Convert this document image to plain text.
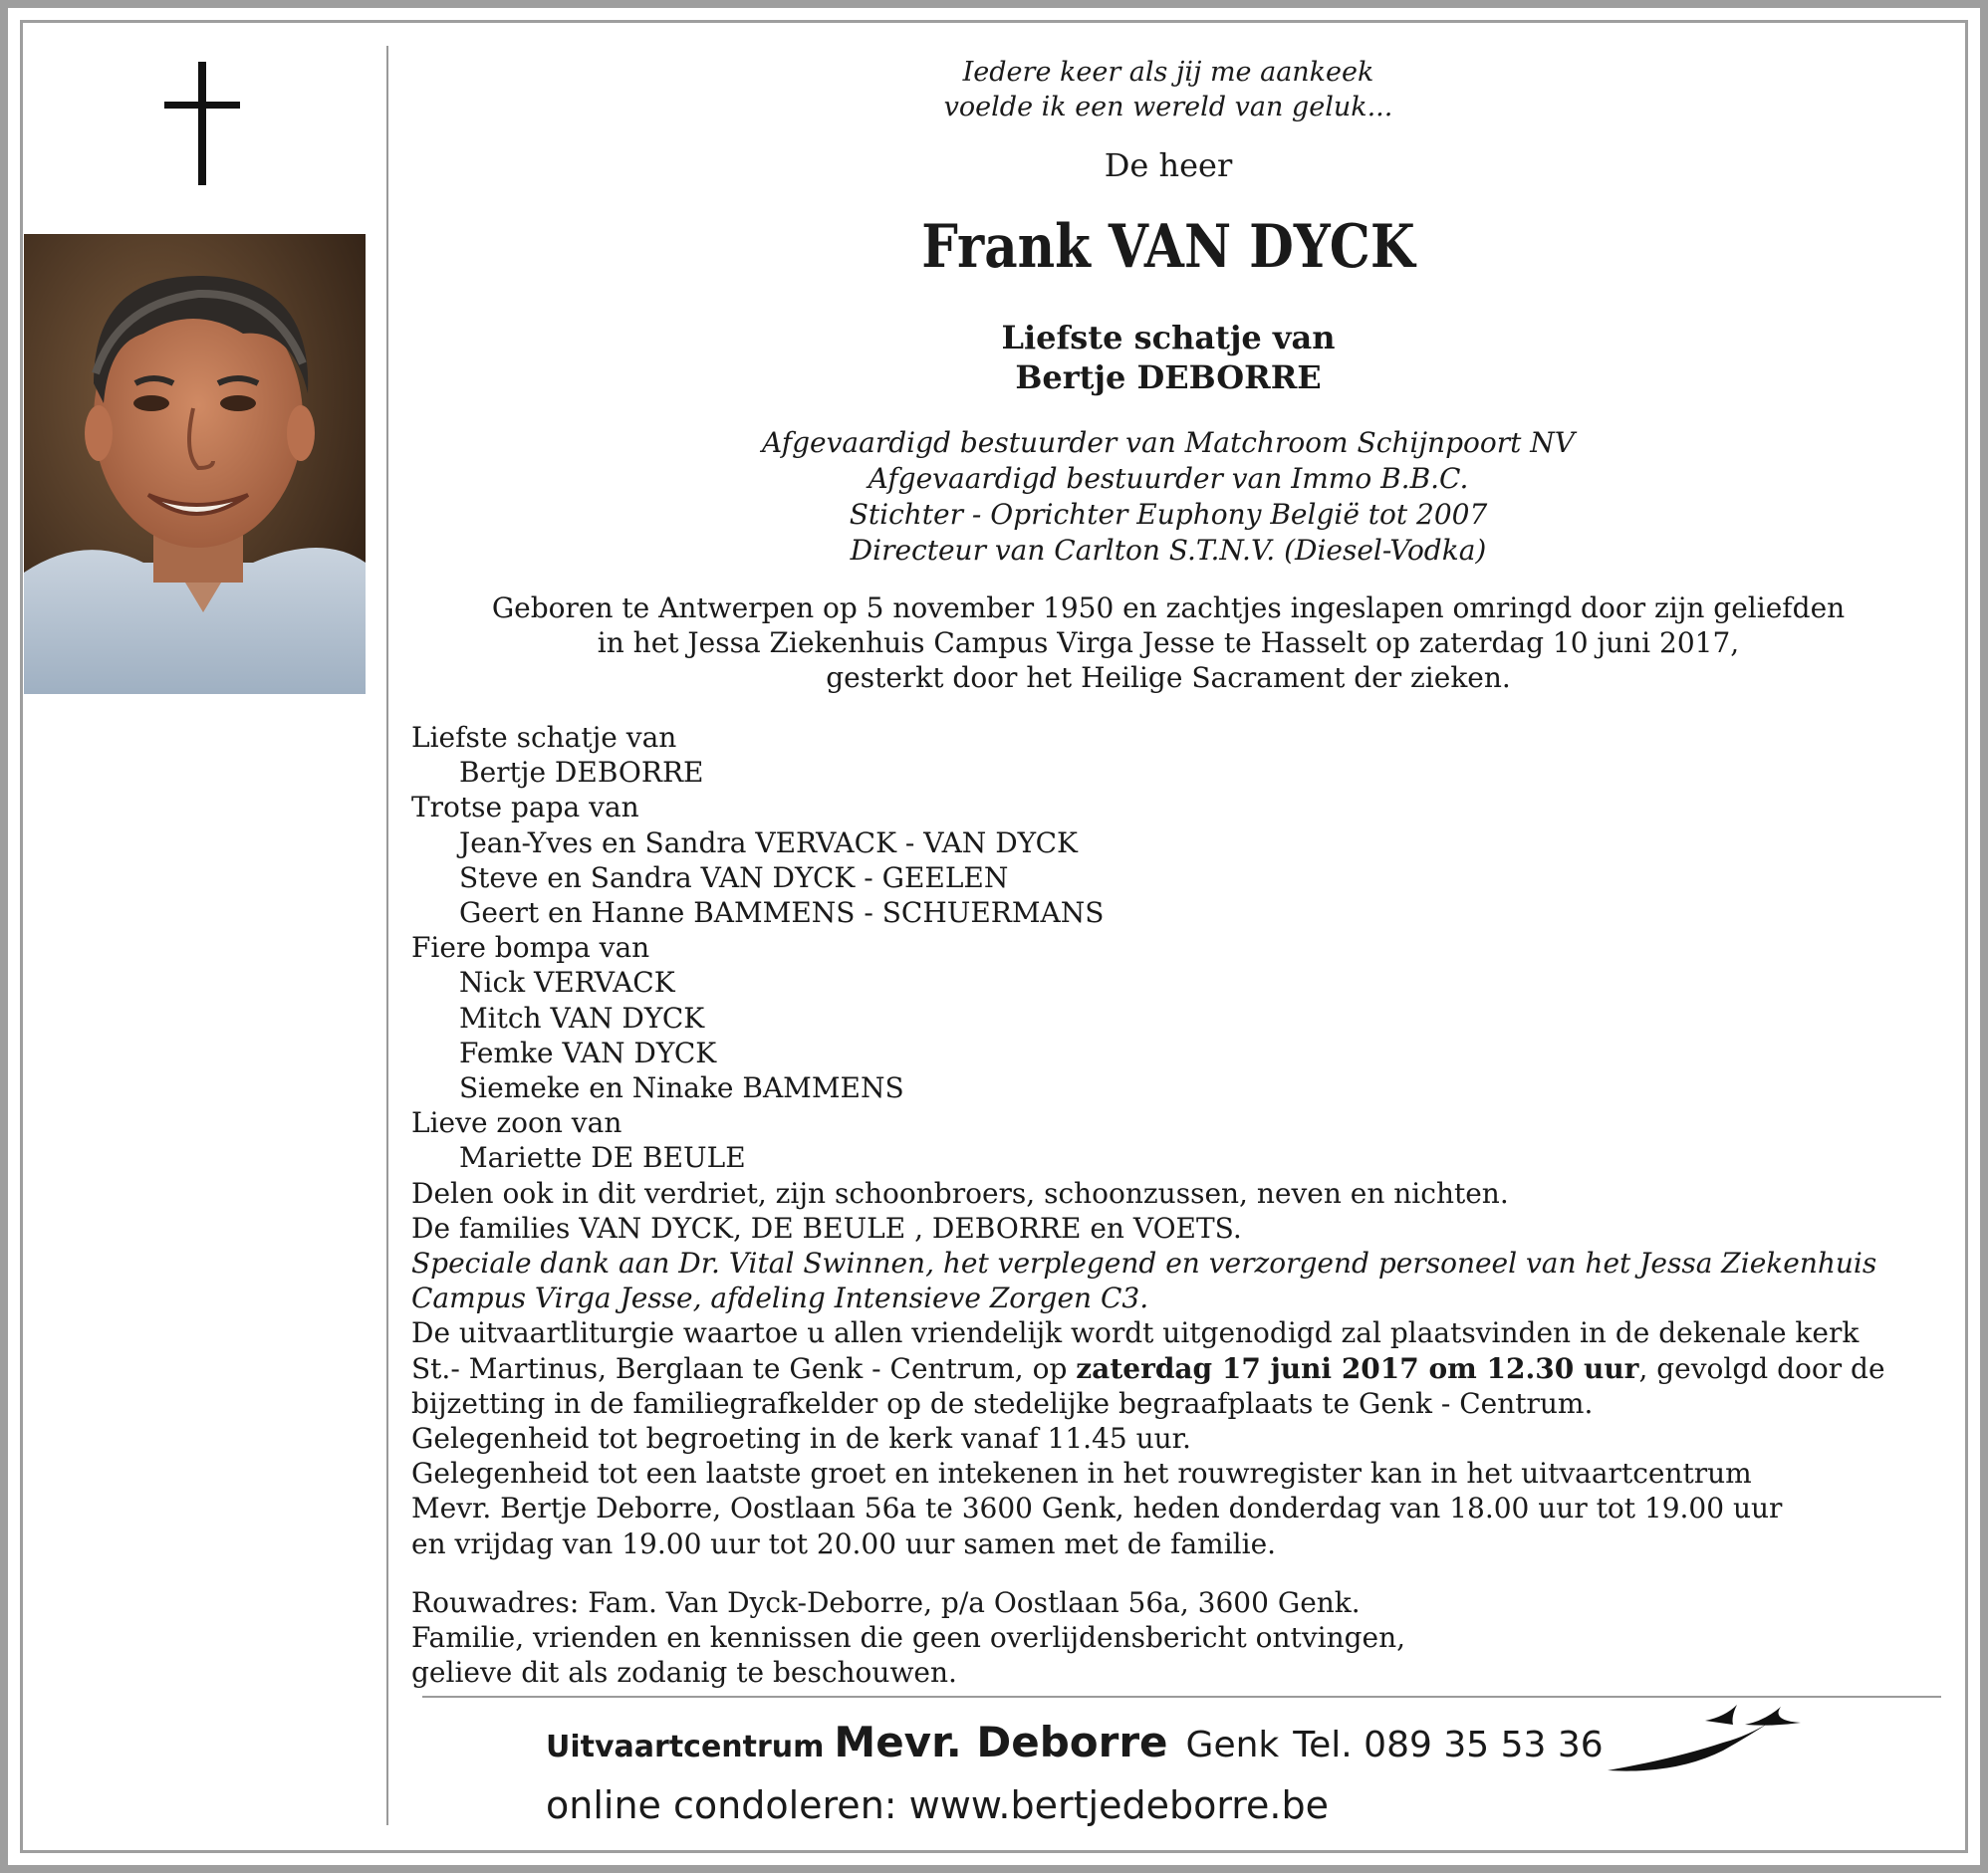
Iedere keer als jij me aankeek
voelde ik een wereld van geluk...
De heer
Frank VAN DYCK
Liefste schatje van
Bertje DEBORRE
Afgevaardigd bestuurder van Matchroom Schijnpoort NV
Afgevaardigd bestuurder van Immo B.B.C.
Stichter - Oprichter Euphony België tot 2007
Directeur van Carlton S.T.N.V. (Diesel-Vodka)
Geboren te Antwerpen op 5 november 1950 en zachtjes ingeslapen omringd door zijn geliefden
in het Jessa Ziekenhuis Campus Virga Jesse te Hasselt op zaterdag 10 juni 2017,
gesterkt door het Heilige Sacrament der zieken.

Liefste schatje van

Bertje DEBORRE

Trotse papa van

Jean-Yves en Sandra VERVACK - VAN DYCK

Steve en Sandra VAN DYCK - GEELEN

Geert en Hanne BAMMENS - SCHUERMANS

Fiere bompa van

Nick VERVACK

Mitch VAN DYCK

Femke VAN DYCK

Siemeke en Ninake BAMMENS

Lieve zoon van

Mariette DE BEULE

Delen ook in dit verdriet, zijn schoonbroers, schoonzussen, neven en nichten.

De families VAN DYCK, DE BEULE , DEBORRE en VOETS.

Speciale dank aan Dr. Vital Swinnen, het verplegend en verzorgend personeel van het Jessa Ziekenhuis

Campus Virga Jesse, afdeling Intensieve Zorgen C3.

De uitvaartliturgie waartoe u allen vriendelijk wordt uitgenodigd zal plaatsvinden in de dekenale kerk

St.- Martinus, Berglaan te Genk - Centrum, op zaterdag 17 juni 2017 om 12.30 uur, gevolgd door de

bijzetting in de familiegrafkelder op de stedelijke begraafplaats te Genk - Centrum.

Gelegenheid tot begroeting in de kerk vanaf 11.45 uur.

Gelegenheid tot een laatste groet en intekenen in het rouwregister kan in het uitvaartcentrum

Mevr. Bertje Deborre, Oostlaan 56a te 3600 Genk, heden donderdag van 18.00 uur tot 19.00 uur

en vrijdag van 19.00 uur tot 20.00 uur samen met de familie.

Rouwadres: Fam. Van Dyck-Deborre, p/a Oostlaan 56a, 3600 Genk.

Familie, vrienden en kennissen die geen overlijdensbericht ontvingen,

gelieve dit als zodanig te beschouwen.

Uitvaartcentrum Mevr. Deborre Genk Tel. 089 35 53 36
online condoleren: www.bertjedeborre.be
